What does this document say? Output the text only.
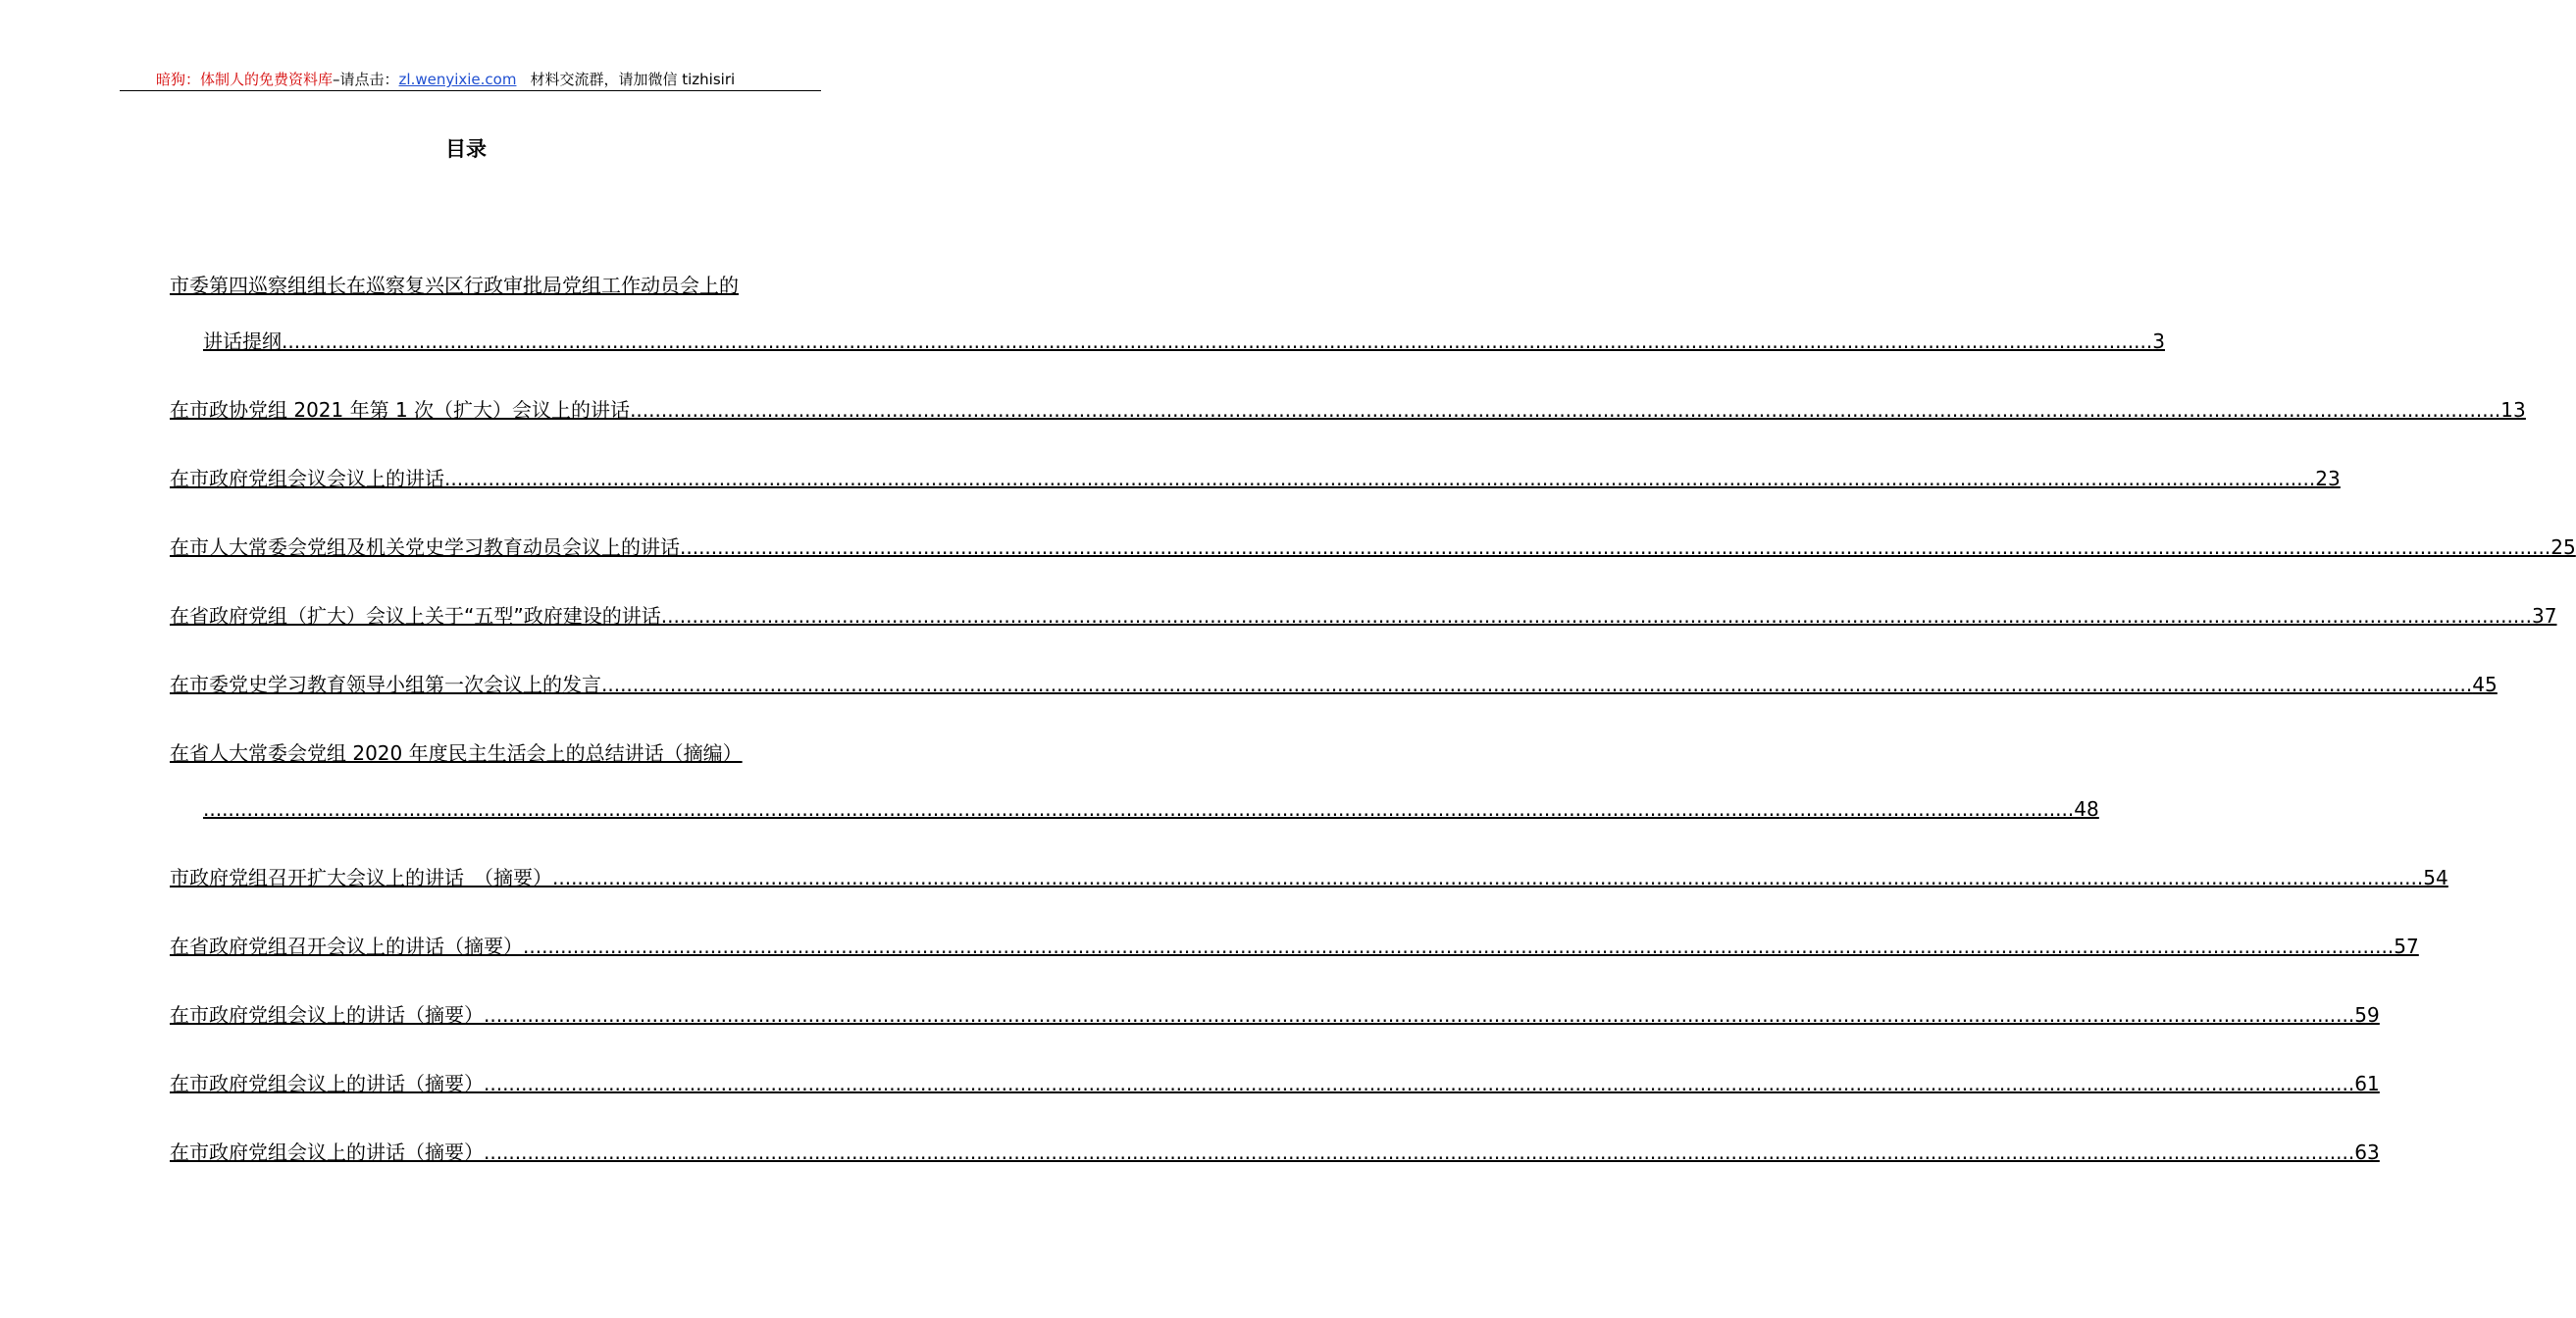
暗狗：体制人的免费资料库–请点击：zl.wenyixie.com 材料交流群，请加微信 tizhisiri
目录
市委第四巡察组组长在巡察复兴区行政审批局党组工作动员会上的
讲话提纲 ............................................................................................................................................................................................................................................................................................................ 3
在市政协党组 2021 年第 1 次（扩大）会议上的讲话 ............................................................................................................................................................................................................................................................................................................ 13
在市政府党组会议会议上的讲话 ............................................................................................................................................................................................................................................................................................................ 23
在市人大常委会党组及机关党史学习教育动员会议上的讲话 ............................................................................................................................................................................................................................................................................................................ 25
在省政府党组（扩大）会议上关于“五型”政府建设的讲话 ............................................................................................................................................................................................................................................................................................................ 37
在市委党史学习教育领导小组第一次会议上的发言 ............................................................................................................................................................................................................................................................................................................ 45
在省人大常委会党组 2020 年度民主生活会上的总结讲话（摘编）
............................................................................................................................................................................................................................................................................................................ 48
市政府党组召开扩大会议上的讲话　（摘要） ............................................................................................................................................................................................................................................................................................................ 54
在省政府党组召开会议上的讲话（摘要） ............................................................................................................................................................................................................................................................................................................ 57
在市政府党组会议上的讲话（摘要） ............................................................................................................................................................................................................................................................................................................ 59
在市政府党组会议上的讲话（摘要） ............................................................................................................................................................................................................................................................................................................ 61
在市政府党组会议上的讲话（摘要） ............................................................................................................................................................................................................................................................................................................ 63
